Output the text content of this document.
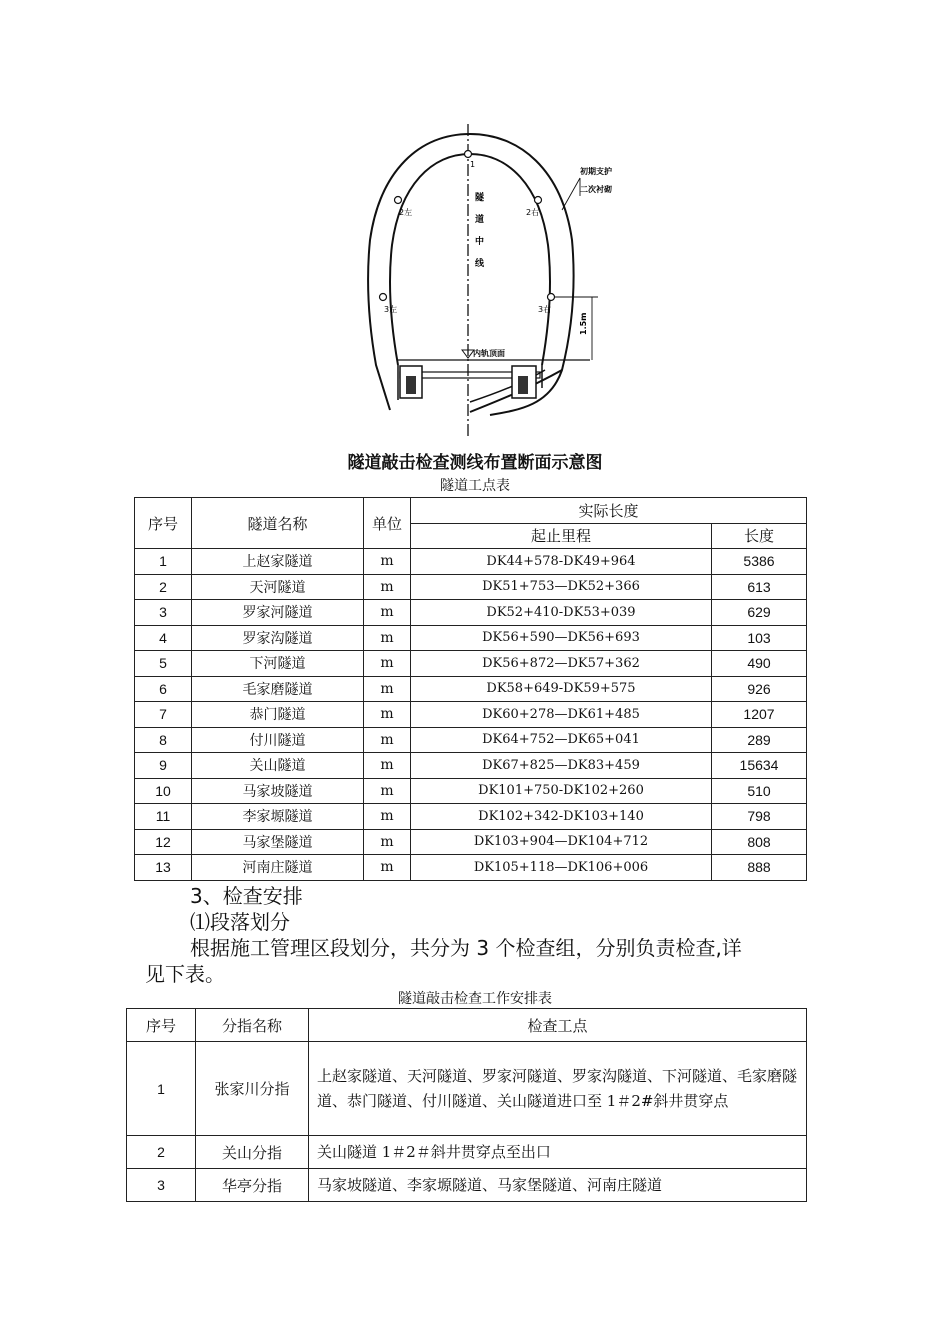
1
2左	2右
3左	3右
隧道中线
初期支护
二次衬砌
内轨顶面
1.5m
隧道敲击检查测线布置断面示意图
隧道工点表
序号	隧道名称	单位	实际长度	
			起止里程	长度
1	上赵家隧道	m	DK44+578-DK49+964	5386
2	天河隧道	m	DK51+753—DK52+366	613
3	罗家河隧道	m	DK52+410-DK53+039	629
4	罗家沟隧道	m	DK56+590—DK56+693	103
5	下河隧道	m	DK56+872—DK57+362	490
6	毛家磨隧道	m	DK58+649-DK59+575	926
7	恭门隧道	m	DK60+278—DK61+485	1207
8	付川隧道	m	DK64+752—DK65+041	289
9	关山隧道	m	DK67+825—DK83+459	15634
10	马家坡隧道	m	DK101+750-DK102+260	510
11	李家塬隧道	m	DK102+342-DK103+140	798
12	马家堡隧道	m	DK103+904—DK104+712	808
13	河南庄隧道	m	DK105+118—DK106+006	888
3、检查安排
⑴段落划分
根据施工管理区段划分，共分为 3 个检查组，分别负责检查,详
见下表。
隧道敲击检查工作安排表
序号	分指名称	检查工点
1	张家川分指	上赵家隧道、天河隧道、罗家河隧道、罗家沟隧道、下河隧道、毛家磨隧道、恭门隧道、付川隧道、关山隧道进口至 1＃2#斜井贯穿点
2	关山分指	关山隧道 1＃2＃斜井贯穿点至出口
3	华亭分指	马家坡隧道、李家塬隧道、马家堡隧道、河南庄隧道
